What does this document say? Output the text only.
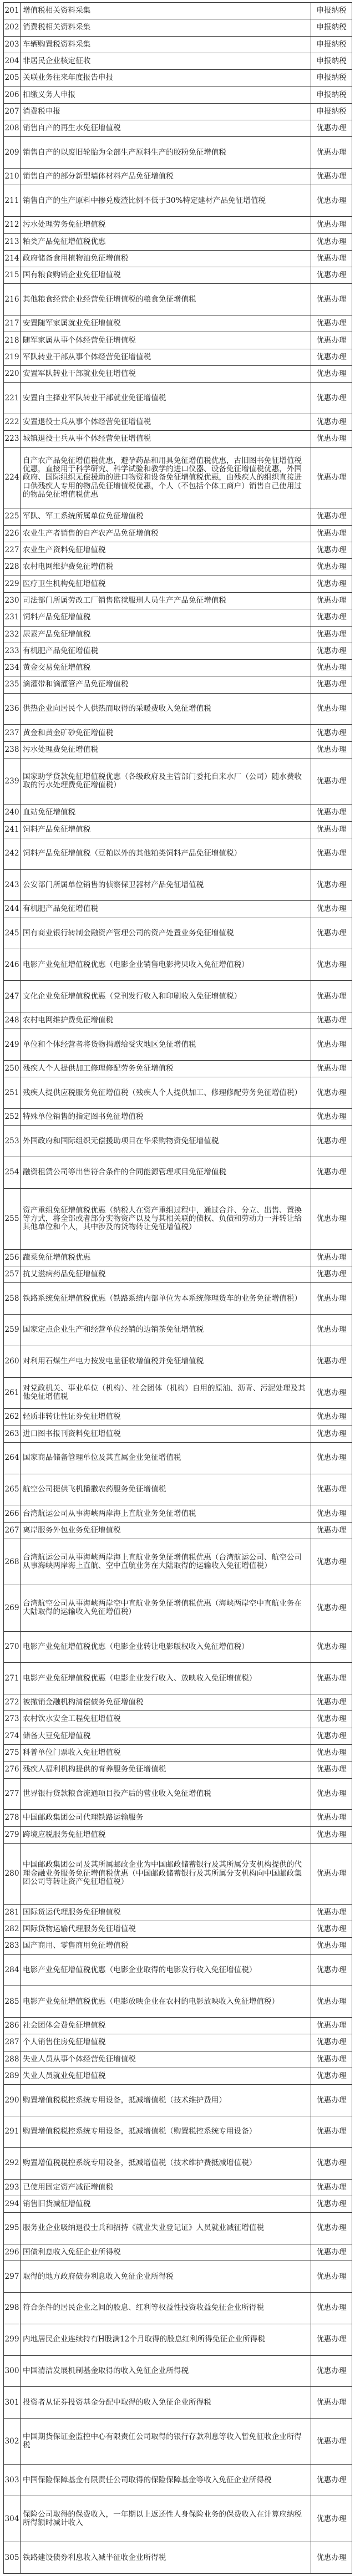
201	增值税相关资料采集	申报纳税
202	消费税相关资料采集	申报纳税
203	车辆购置税资料采集	申报纳税
204	非居民企业核定征收	申报纳税
205	关联业务往来年度报告申报	申报纳税
206	扣缴义务人申报	申报纳税
207	消费税申报	申报纳税
208	销售自产的再生水免征增值税	优惠办理
209	销售自产的以废旧轮胎为全部生产原料生产的胶粉免征增值税	优惠办理
210	销售自产的部分新型墙体材料产品免征增值税	优惠办理
211	销售自产的生产原料中掺兑废渣比例不低于30%特定建材产品免征增值税	优惠办理
212	污水处理劳务免征增值税	优惠办理
213	粕类产品免征增值税优惠	优惠办理
214	政府储备食用植物油免征增值税	优惠办理
215	国有粮食购销企业免征增值税	优惠办理
216	其他粮食经营企业经营免征增值税的粮食免征增值税	优惠办理
217	安置随军家属就业免征增值税	优惠办理
218	随军家属从事个体经营免征增值税	优惠办理
219	军队转业干部从事个体经营免征增值税	优惠办理
220	安置军队转业干部就业免征增值税	优惠办理
221	安置自主择业军队转业干部就业免征增值税	优惠办理
222	安置退役士兵从事个体经营免征增值税	优惠办理
223	城镇退役士兵从事个体经营免征增值税	优惠办理
224	自产农产品免征增值税优惠，避孕药品和用具免征增值税优惠，古旧图书免征增值税优惠，直接用于科学研究、科学试验和教学的进口仪器、设备免征增值税优惠，外国政府、国际组织无偿援助的进口物资和设备免征增值税优惠，由残疾人的组织直接进口供残疾人专用的物品免征增值税优惠，个人（不包括个体工商户）销售自己使用过的物品免征增值税优惠	优惠办理
225	军队、军工系统所属单位免征增值税	优惠办理
226	农业生产者销售的自产农产品免征增值税	优惠办理
227	农业生产资料免征增值税	优惠办理
228	农村电网维护费免征增值税	优惠办理
229	医疗卫生机构免征增值税	优惠办理
230	司法部门所属劳改工厂销售监狱服刑人员生产产品免征增值税	优惠办理
231	饲料产品免征增值税	优惠办理
232	尿素产品免征增值税	优惠办理
233	有机肥产品免征增值税	优惠办理
234	黄金交易免征增值税	优惠办理
235	滴灌带和滴灌管产品免征增值税	优惠办理
236	供热企业向居民个人供热而取得的采暖费收入免征增值税	优惠办理
237	黄金和黄金矿砂免征增值税	优惠办理
238	污水处理费免征增值税	优惠办理
239	国家助学贷款免征增值税优惠（各级政府及主管部门委托自来水厂（公司）随水费收取的污水处理费免征增值税）	优惠办理
240	血站免征增值税	优惠办理
241	饲料产品免征增值税	优惠办理
242	饲料产品免征增值税（豆粕以外的其他粕类饲料产品免征增值税）	优惠办理
243	公安部门所属单位销售的侦察保卫器材产品免征增值税	优惠办理
244	有机肥产品免征增值税	优惠办理
245	国有商业银行转制金融资产管理公司的资产处置业务免征增值税	优惠办理
246	电影产业免征增值税优惠（电影企业销售电影拷贝收入免征增值税）	优惠办理
247	文化企业免征增值税优惠（党刊发行收入和印刷收入免征增值税）	优惠办理
248	农村电网维护费免征增值税	优惠办理
249	单位和个体经营者将货物捐赠给受灾地区免征增值税	优惠办理
250	残疾人个人提供加工修理修配劳务免征增值税	优惠办理
251	残疾人提供应税服务免征增值税（残疾人个人提供加工、修理修配劳务免征增值税）	优惠办理
252	特殊单位销售的指定图书免征增值税	优惠办理
253	外国政府和国际组织无偿援助项目在华采购物资免征增值税	优惠办理
254	融资租赁公司等出售符合条件的合同能源管理项目免征增值税	优惠办理
255	资产重组免征增值税优惠（纳税人在资产重组过程中，通过合并、分立、出售、置换等方式，将全部或者部分实物资产以及与其相关联的债权、负债和劳动力一并转让给其他单位和个人，其中涉及的货物转让免征增值税）	优惠办理
256	蔬菜免征增值税优惠	优惠办理
257	抗艾滋病药品免征增值税	优惠办理
258	铁路系统免征增值税优惠（铁路系统内部单位为本系统修理货车的业务免征增值税）	优惠办理
259	国家定点企业生产和经营单位经销的边销茶免征增值税	优惠办理
260	对利用石煤生产电力按发电量征收增值税并免征增值税	优惠办理
261	对党政机关、事业单位（机构）、社会团体（机构）自用的原油、沥青、污泥处理及其他免征增值税	优惠办理
262	轻质非转让性证券免征增值税	优惠办理
263	进口图书报刊资料免征增值税	优惠办理
264	国家商品储备管理单位及其直属企业免征增值税	优惠办理
265	航空公司提供飞机播撒农药服务免征增值税	优惠办理
266	台湾航运公司从事海峡两岸海上直航业务免征增值税	优惠办理
267	离岸服务外包业务免征增值税	优惠办理
268	台湾航运公司从事海峡两岸海上直航业务免征增值税优惠（台湾航运公司、航空公司从事海峡两岸海上直航、空中直航业务在大陆取得的运输收入免征增值税）	优惠办理
269	台湾航空公司从事海峡两岸空中直航业务免征增值税优惠（海峡两岸空中直航业务在大陆取得的运输收入免征增值税）	优惠办理
270	电影产业免征增值税优惠（电影企业转让电影版权收入免征增值税）	优惠办理
271	电影产业免征增值税优惠（电影企业发行收入、放映收入免征增值税）	优惠办理
272	被撤销金融机构清偿债务免征增值税	优惠办理
273	农村饮水安全工程免征增值税	优惠办理
274	储备大豆免征增值税	优惠办理
275	科普单位门票收入免征增值税	优惠办理
276	残疾人福利机构提供的育养服务免征增值税	优惠办理
277	世界银行贷款粮食流通项目投产后的营业收入免征增值税	优惠办理
278	中国邮政集团公司代理铁路运输服务	优惠办理
279	跨境应税服务免征增值税	优惠办理
280	中国邮政集团公司及其所属邮政企业为中国邮政储蓄银行及其所属分支机构提供的代理金融业务服务免征增值税优惠（中国邮政储蓄银行及其所属分支机构向中国邮政集团公司等转让资产免征增值税）	优惠办理
281	国际货运代理服务免征增值税	优惠办理
282	国际货物运输代理服务免征增值税	优惠办理
283	国产商用、零售商用免征增值税	优惠办理
284	电影产业免征增值税优惠（电影企业取得的电影发行收入免征增值税）	优惠办理
285	电影产业免征增值税优惠（电影放映企业在农村的电影放映收入免征增值税）	优惠办理
286	社会团体会费免征增值税	优惠办理
287	个人销售住房免征增值税	优惠办理
288	失业人员从事个体经营免征增值税	优惠办理
289	失业人员就业免征增值税	优惠办理
290	购置增值税税控系统专用设备，抵减增值税（技术维护费用）	优惠办理
291	购置增值税税控系统专用设备，抵减增值税（购置税控系统专用设备）	优惠办理
292	购置增值税税控系统专用设备，抵减增值税（技术维护费抵减增值税）	优惠办理
293	已使用固定资产减征增值税	优惠办理
294	销售旧货减征增值税	优惠办理
295	服务业企业吸纳退役士兵和招持《就业失业登记证》人员就业减征增值税	优惠办理
296	国债利息收入免征企业所得税	优惠办理
297	取得的地方政府债券利息收入免征企业所得税	优惠办理
298	符合条件的居民企业之间的股息、红利等权益性投资收益免征企业所得税	优惠办理
299	内地居民企业连续持有H股满12个月取得的股息红利所得免征企业所得税	优惠办理
300	中国清洁发展机制基金取得的收入免征企业所得税	优惠办理
301	投资者从证券投资基金分配中取得的收入免征企业所得税	优惠办理
302	中国期货保证金监控中心有限责任公司取得的银行存款利息等收入暂免征收企业所得税	优惠办理
303	中国保险保障基金有限责任公司取得的保险保障基金等收入免征企业所得税	优惠办理
304	保险公司取得的保费收入，一年期以上返还性人身保险业务的保费收入在计算应纳税所得额时减计收入	优惠办理
305	铁路建设债券利息收入减半征收企业所得税	优惠办理
